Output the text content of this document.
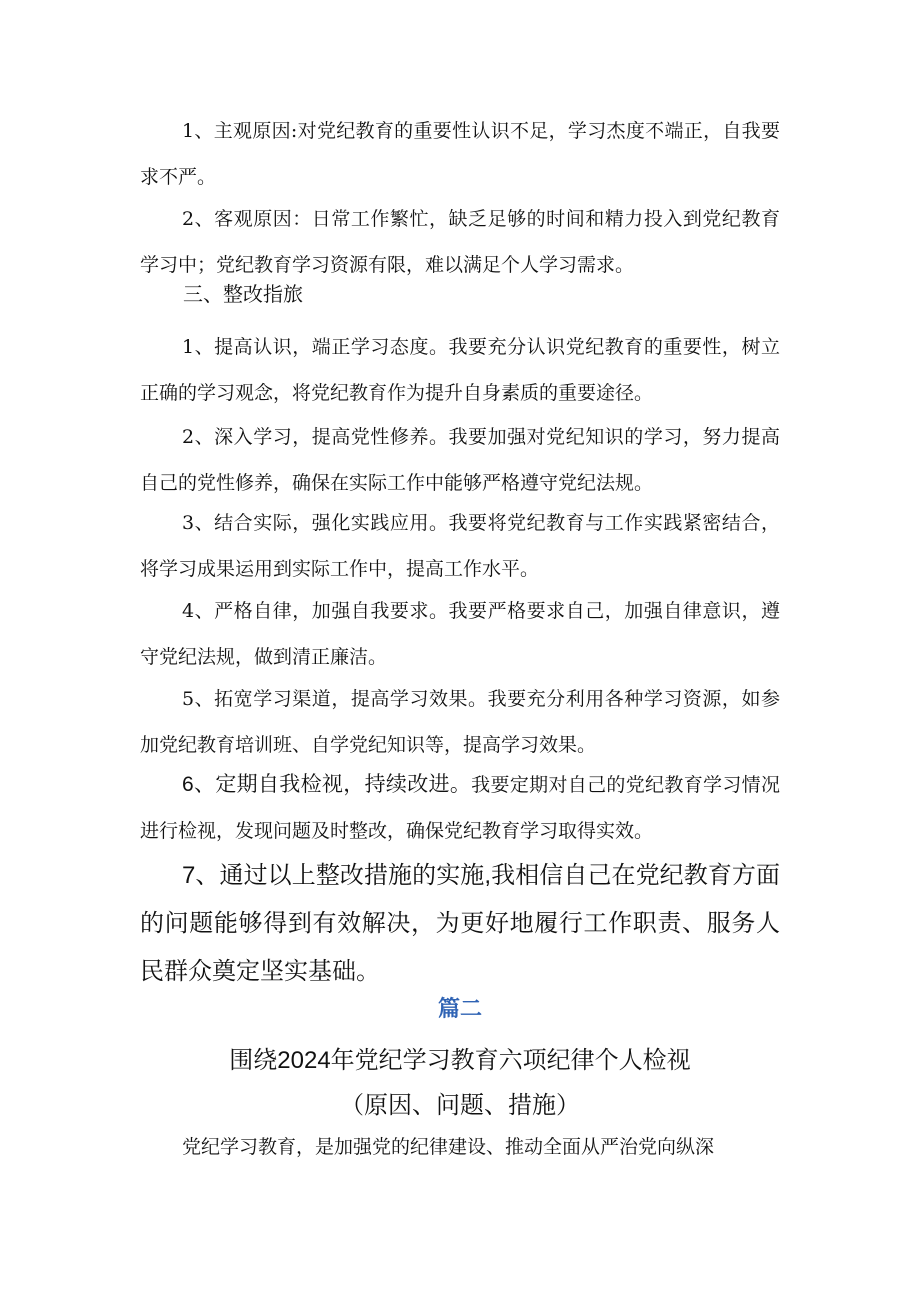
1、主观原因:对党纪教育的重要性认识不足，学习杰度不端正，自我要求不严。

2、客观原因：日常工作繁忙，缺乏足够的时间和精力投入到党纪教育学习中；党纪教育学习资源有限，难以满足个人学习需求。

三、整改指旅

1、提高认识，端正学习态度。我要充分认识党纪教育的重要性，树立正确的学习观念，将党纪教育作为提升自身素质的重要途径。

2、深入学习，提高党性修养。我要加强对党纪知识的学习，努力提高自己的党性修养，确保在实际工作中能够严格遵守党纪法规。

3、结合实际，强化实践应用。我要将党纪教育与工作实践紧密结合，将学习成果运用到实际工作中，提高工作水平。

4、严格自律，加强自我要求。我要严格要求自己，加强自律意识，遵守党纪法规，做到清正廉洁。

5、拓宽学习渠道，提高学习效果。我要充分利用各种学习资源，如参加党纪教育培训班、自学党纪知识等，提高学习效果。

6、定期自我检视，持续改进。我要定期对自己的党纪教育学习情况进行检视，发现问题及时整改，确保党纪教育学习取得实效。

7、通过以上整改措施的实施,我相信自己在党纪教育方面的问题能够得到有效解决，为更好地履行工作职责、服务人民群众奠定坚实基础。

篇二

围绕2024年党纪学习教育六项纪律个人检视

（原因、问题、措施）

党纪学习教育，是加强党的纪律建设、推动全面从严治党向纵深
